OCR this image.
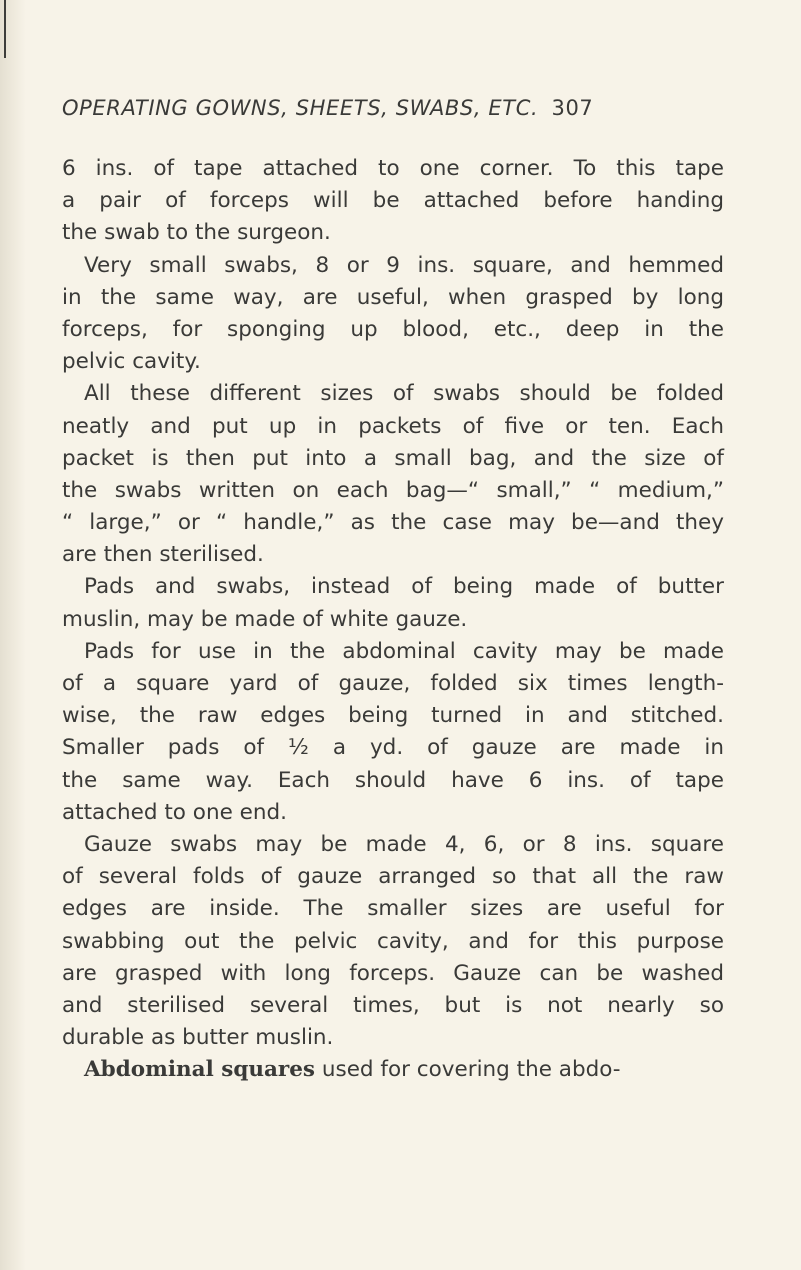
OPERATING GOWNS, SHEETS, SWABS, ETC. 307
6 ins. of tape attached to one corner. To this tape
a pair of forceps will be attached before handing
the swab to the surgeon.
Very small swabs, 8 or 9 ins. square, and hemmed
in the same way, are useful, when grasped by long
forceps, for sponging up blood, etc., deep in the
pelvic cavity.
All these different sizes of swabs should be folded
neatly and put up in packets of five or ten. Each
packet is then put into a small bag, and the size of
the swabs written on each bag—“ small,” “ medium,”
“ large,” or “ handle,” as the case may be—and they
are then sterilised.
Pads and swabs, instead of being made of butter
muslin, may be made of white gauze.
Pads for use in the abdominal cavity may be made
of a square yard of gauze, folded six times length-
wise, the raw edges being turned in and stitched.
Smaller pads of ½ a yd. of gauze are made in
the same way. Each should have 6 ins. of tape
attached to one end.
Gauze swabs may be made 4, 6, or 8 ins. square
of several folds of gauze arranged so that all the raw
edges are inside. The smaller sizes are useful for
swabbing out the pelvic cavity, and for this purpose
are grasped with long forceps. Gauze can be washed
and sterilised several times, but is not nearly so
durable as butter muslin.
Abdominal squares used for covering the abdo-
